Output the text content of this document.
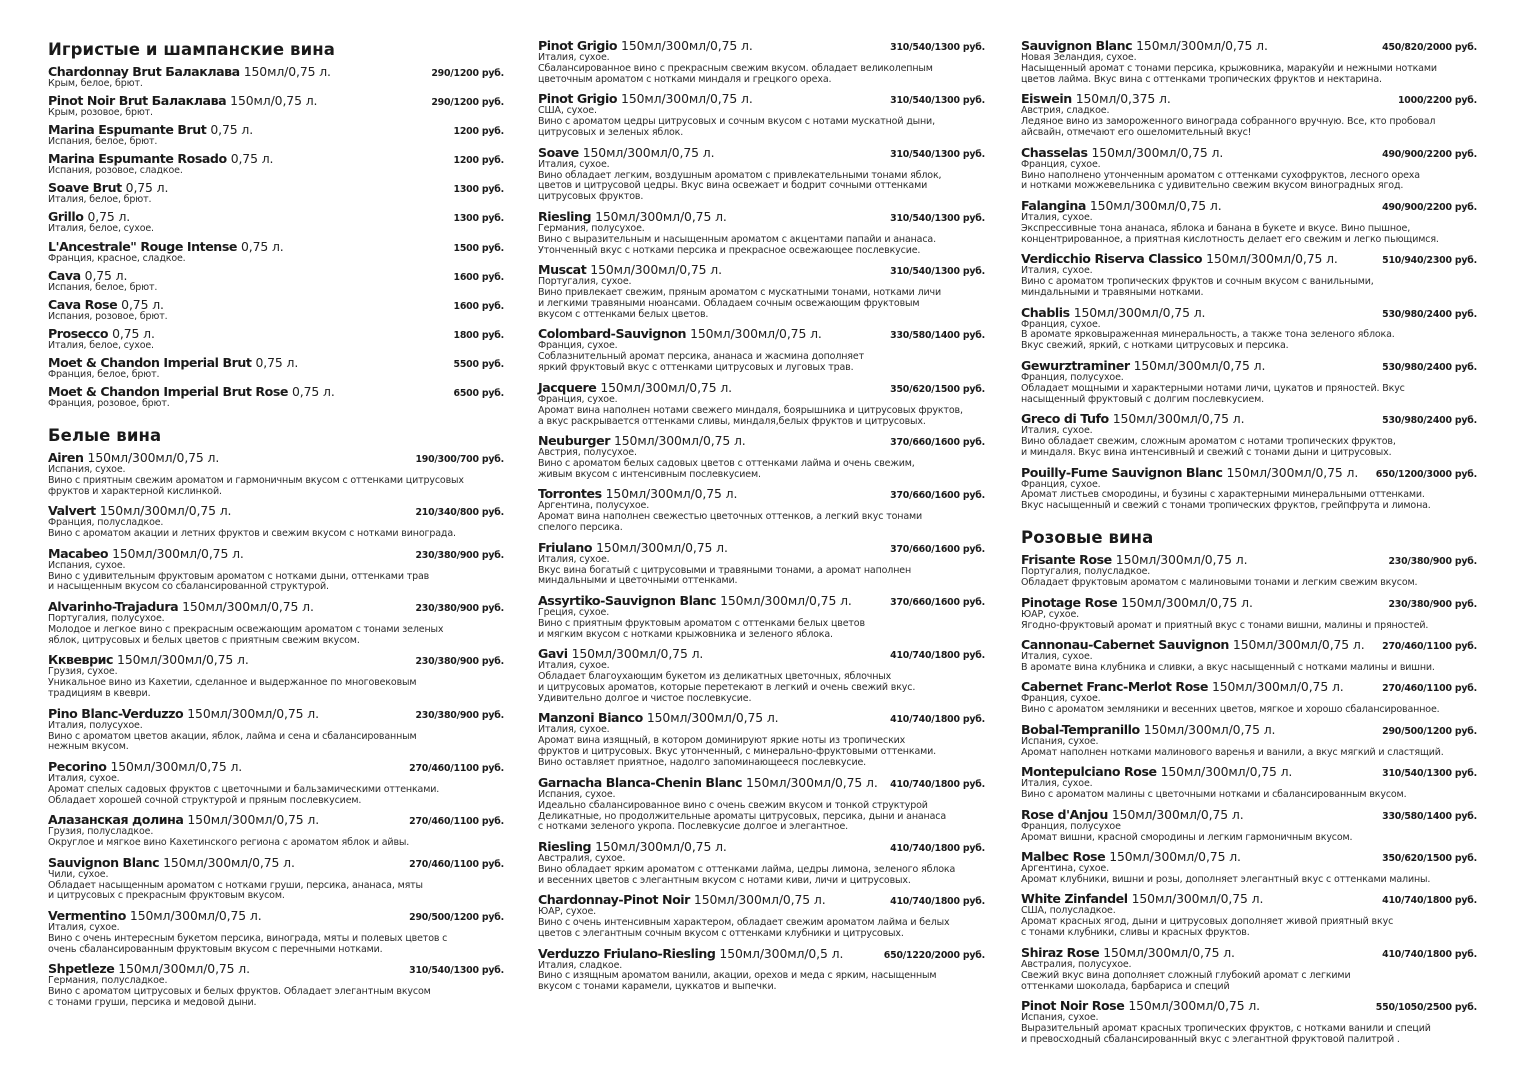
Игристые и шампанские вина
Chardonnay Brut Балаклава 150мл/0,75 л.	290/1200 руб.
Крым, белое, брют.
Pinot Noir Brut Балаклава 150мл/0,75 л.	290/1200 руб.
Крым, розовое, брют.
Marina Espumante Brut 0,75 л.	1200 руб.
Испания, белое, брют.
Marina Espumante Rosado 0,75 л.	1200 руб.
Испания, розовое, сладкое.
Soave Brut 0,75 л.	1300 руб.
Италия, белое, брют.
Grillo 0,75 л.	1300 руб.
Италия, белое, сухое.
L'Ancestrale" Rouge Intense 0,75 л.	1500 руб.
Франция, красное, сладкое.
Cava 0,75 л.	1600 руб.
Испания, белое, брют.
Cava Rose 0,75 л.	1600 руб.
Испания, розовое, брют.
Prosecco 0,75 л.	1800 руб.
Италия, белое, сухое.
Moet & Chandon Imperial Brut 0,75 л.	5500 руб.
Франция, белое, брют.
Moet & Chandon Imperial Brut Rose 0,75 л.	6500 руб.
Франция, розовое, брют.
Белые вина
Airen 150мл/300мл/0,75 л.	190/300/700 руб.
Испания, сухое.
Вино с приятным свежим ароматом и гармоничным вкусом с оттенками цитрусовых
фруктов и характерной кислинкой.
Valvert 150мл/300мл/0,75 л.	210/340/800 руб.
Франция, полусладкое.
Вино с ароматом акации и летних фруктов и свежим вкусом с нотками винограда.
Macabeo 150мл/300мл/0,75 л.	230/380/900 руб.
Испания, сухое.
Вино с удивительным фруктовым ароматом с нотками дыни, оттенками трав
и насыщенным вкусом со сбалансированной структурой.
Alvarinho-Trajadura 150мл/300мл/0,75 л.	230/380/900 руб.
Португалия, полусухое.
Молодое и легкое вино с прекрасным освежающим ароматом с тонами зеленых
яблок, цитрусовых и белых цветов с приятным свежим вкусом.
Кквеврис 150мл/300мл/0,75 л.	230/380/900 руб.
Грузия, сухое.
Уникальное вино из Кахетии, сделанное и выдержанное по многовековым
традициям в квеври.
Pino Blanc-Verduzzo 150мл/300мл/0,75 л.	230/380/900 руб.
Италия, полусухое.
Вино с ароматом цветов акации, яблок, лайма и сена и сбалансированным
нежным вкусом.
Pecorino 150мл/300мл/0,75 л.	270/460/1100 руб.
Италия, сухое.
Аромат спелых садовых фруктов с цветочными и бальзамическими оттенками.
Обладает хорошей сочной структурой и пряным послевкусием.
Алазанская долина 150мл/300мл/0,75 л.	270/460/1100 руб.
Грузия, полусладкое.
Округлое и мягкое вино Кахетинского региона с ароматом яблок и айвы.
Sauvignon Blanc 150мл/300мл/0,75 л.	270/460/1100 руб.
Чили, сухое.
Обладает насыщенным ароматом с нотками груши, персика, ананаса, мяты
и цитрусовых с прекрасным фруктовым вкусом.
Vermentino 150мл/300мл/0,75 л.	290/500/1200 руб.
Италия, сухое.
Вино с очень интересным букетом персика, винограда, мяты и полевых цветов с
очень сбалансированным фруктовым вкусом с перечными нотками.
Shpetleze 150мл/300мл/0,75 л.	310/540/1300 руб.
Германия, полусладкое.
Вино с ароматом цитрусовых и белых фруктов. Обладает элегантным вкусом
с тонами груши, персика и медовой дыни.
Pinot Grigio 150мл/300мл/0,75 л.	310/540/1300 руб.
Италия, сухое.
Сбалансированное вино с прекрасным свежим вкусом. обладает великолепным
цветочным ароматом с нотками миндаля и грецкого ореха.
Pinot Grigio 150мл/300мл/0,75 л.	310/540/1300 руб.
США, сухое.
Вино с ароматом цедры цитрусовых и сочным вкусом с нотами мускатной дыни,
цитрусовых и зеленых яблок.
Soave 150мл/300мл/0,75 л.	310/540/1300 руб.
Италия, сухое.
Вино обладает легким, воздушным ароматом с привлекательными тонами яблок,
цветов и цитрусовой цедры. Вкус вина освежает и бодрит сочными оттенками
цитрусовых фруктов.
Riesling 150мл/300мл/0,75 л.	310/540/1300 руб.
Германия, полусухое.
Вино с выразительным и насыщенным ароматом с акцентами папайи и ананаса.
Утонченный вкус с нотками персика и прекрасное освежающее послевкусие.
Muscat 150мл/300мл/0,75 л.	310/540/1300 руб.
Португалия, сухое.
Вино привлекает свежим, пряным ароматом с мускатными тонами, нотками личи
и легкими травяными нюансами. Обладаем сочным освежающим фруктовым
вкусом с оттенками белых цветов.
Colombard-Sauvignon 150мл/300мл/0,75 л.	330/580/1400 руб.
Франция, сухое.
Соблазнительный аромат персика, ананаса и жасмина дополняет
яркий фруктовый вкус с оттенками цитрусовых и луговых трав.
Jacquere 150мл/300мл/0,75 л.	350/620/1500 руб.
Франция, сухое.
Аромат вина наполнен нотами свежего миндаля, боярышника и цитрусовых фруктов,
а вкус раскрывается оттенками сливы, миндаля,белых фруктов и цитрусовых.
Neuburger 150мл/300мл/0,75 л.	370/660/1600 руб.
Австрия, полусухое.
Вино с ароматом белых садовых цветов с оттенками лайма и очень свежим,
живым вкусом с интенсивным послевкусием.
Torrontes 150мл/300мл/0,75 л.	370/660/1600 руб.
Аргентина, полусухое.
Аромат вина наполнен свежестью цветочных оттенков, а легкий вкус тонами
спелого персика.
Friulano 150мл/300мл/0,75 л.	370/660/1600 руб.
Италия, сухое.
Вкус вина богатый с цитрусовыми и травяными тонами, а аромат наполнен
миндальными и цветочными оттенками.
Assyrtiko-Sauvignon Blanc 150мл/300мл/0,75 л.	370/660/1600 руб.
Греция, сухое.
Вино с приятным фруктовым ароматом с оттенками белых цветов
и мягким вкусом с нотками крыжовника и зеленого яблока.
Gavi 150мл/300мл/0,75 л.	410/740/1800 руб.
Италия, сухое.
Обладает благоухающим букетом из деликатных цветочных, яблочных
и цитрусовых ароматов, которые перетекают в легкий и очень свежий вкус.
Удивительно долгое и чистое послевкусие.
Manzoni Bianco 150мл/300мл/0,75 л.	410/740/1800 руб.
Италия, сухое.
Аромат вина изящный, в котором доминируют яркие ноты из тропических
фруктов и цитрусовых. Вкус утонченный, с минерально-фруктовыми оттенками.
Вино оставляет приятное, надолго запоминающееся послевкусие.
Garnacha Blanca-Chenin Blanc 150мл/300мл/0,75 л. 410/740/1800 руб.
Испания, сухое.
Идеально сбалансированное вино с очень свежим вкусом и тонкой структурой
Деликатные, но продолжительные ароматы цитрусовых, персика, дыни и ананаса
с нотками зеленого укропа. Послевкусие долгое и элегантное.
Riesling 150мл/300мл/0,75 л.	410/740/1800 руб.
Австралия, сухое.
Вино обладает ярким ароматом с оттенками лайма, цедры лимона, зеленого яблока
и весенних цветов с элегантным вкусом с нотами киви, личи и цитрусовых.
Chardonnay-Pinot Noir 150мл/300мл/0,75 л.	410/740/1800 руб.
ЮАР, сухое.
Вино с очень интенсивным характером, обладает свежим ароматом лайма и белых
цветов с элегантным сочным вкусом с оттенками клубники и цитрусовых.
Verduzzo Friulano-Riesling 150мл/300мл/0,5 л.	650/1220/2000 руб.
Италия, сладкое.
Вино с изящным ароматом ванили, акации, орехов и меда с ярким, насыщенным
вкусом с тонами карамели, цуккатов и выпечки.
Sauvignon Blanc 150мл/300мл/0,75 л.	450/820/2000 руб.
Новая Зеландия, сухое.
Насыщенный аромат с тонами персика, крыжовника, маракуйи и нежными нотками
цветов лайма. Вкус вина с оттенками тропических фруктов и нектарина.
Eiswein 150мл/0,375 л.	1000/2200 руб.
Австрия, сладкое.
Ледяное вино из замороженного винограда собранного вручную. Все, кто пробовал
айсвайн, отмечают его ошеломительный вкус!
Chasselas 150мл/300мл/0,75 л.	490/900/2200 руб.
Франция, сухое.
Вино наполнено утонченным ароматом с оттенками сухофруктов, лесного ореха
и нотками можжевельника с удивительно свежим вкусом виноградных ягод.
Falangina 150мл/300мл/0,75 л.	490/900/2200 руб.
Италия, сухое.
Экспрессивные тона ананаса, яблока и банана в букете и вкусе. Вино пышное,
концентрированное, а приятная кислотность делает его свежим и легко пьющимся.
Verdicchio Riserva Classico 150мл/300мл/0,75 л.	510/940/2300 руб.
Италия, сухое.
Вино с ароматом тропических фруктов и сочным вкусом с ванильными,
миндальными и травяными нотками.
Chablis 150мл/300мл/0,75 л.	530/980/2400 руб.
Франция, сухое.
В аромате ярковыраженная минеральность, а также тона зеленого яблока.
Вкус свежий, яркий, с нотками цитрусовых и персика.
Gewurztraminer 150мл/300мл/0,75 л.	530/980/2400 руб.
Франция, полусухое.
Обладает мощными и характерными нотами личи, цукатов и пряностей. Вкус
насыщенный фруктовый с долгим послевкусием.
Greco di Tufo 150мл/300мл/0,75 л.	530/980/2400 руб.
Италия, сухое.
Вино обладает свежим, сложным ароматом с нотами тропических фруктов,
и миндаля. Вкус вина интенсивный и свежий с тонами дыни и цитрусовых.
Pouilly-Fume Sauvignon Blanc 150мл/300мл/0,75 л. 650/1200/3000 руб.
Франция, сухое.
Аромат листьев смородины, и бузины с характерными минеральными оттенками.
Вкус насыщенный и свежий с тонами тропических фруктов, грейпфрута и лимона.
Розовые вина
Frisante Rose 150мл/300мл/0,75 л.	230/380/900 руб.
Португалия, полусладкое.
Обладает фруктовым ароматом с малиновыми тонами и легким свежим вкусом.
Pinotage Rose 150мл/300мл/0,75 л.	230/380/900 руб.
ЮАР, сухое.
Ягодно-фруктовый аромат и приятный вкус с тонами вишни, малины и пряностей.
Cannonau-Cabernet Sauvignon 150мл/300мл/0,75 л. 270/460/1100 руб.
Италия, сухое.
В аромате вина клубника и сливки, а вкус насыщенный с нотками малины и вишни.
Cabernet Franc-Merlot Rose 150мл/300мл/0,75 л.	270/460/1100 руб.
Франция, сухое.
Вино с ароматом земляники и весенних цветов, мягкое и хорошо сбалансированное.
Bobal-Tempranillo 150мл/300мл/0,75 л.	290/500/1200 руб.
Испания, сухое.
Аромат наполнен нотками малинового варенья и ванили, а вкус мягкий и сластящий.
Montepulciano Rose 150мл/300мл/0,75 л.	310/540/1300 руб.
Италия, сухое.
Вино с ароматом малины с цветочными нотками и сбалансированным вкусом.
Rose d'Anjou 150мл/300мл/0,75 л.	330/580/1400 руб.
Франция, полусухое
Аромат вишни, красной смородины и легким гармоничным вкусом.
Malbec Rose 150мл/300мл/0,75 л.	350/620/1500 руб.
Аргентина, сухое.
Аромат клубники, вишни и розы, дополняет элегантный вкус с оттенками малины.
White Zinfandel 150мл/300мл/0,75 л.	410/740/1800 руб.
США, полусладкое.
Аромат красных ягод, дыни и цитрусовых дополняет живой приятный вкус
с тонами клубники, сливы и красных фруктов.
Shiraz Rose 150мл/300мл/0,75 л.	410/740/1800 руб.
Австралия, полусухое.
Свежий вкус вина дополняет сложный глубокий аромат с легкими
оттенками шоколада, барбариса и специй
Pinot Noir Rose 150мл/300мл/0,75 л.	550/1050/2500 руб.
Испания, сухое.
Выразительный аромат красных тропических фруктов, с нотками ванили и специй
и превосходный сбалансированный вкус с элегантной фруктовой палитрой .
